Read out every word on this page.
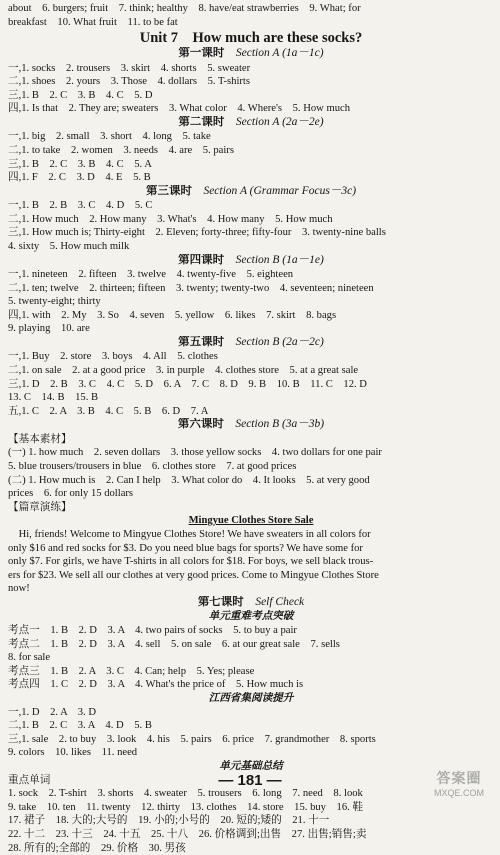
about　6. burgers; fruit　7. think; healthy　8. have/eat strawberries　9. What; for
breakfast　10. What fruit　11. to be fat
Unit 7　How much are these socks?
第一课时　 Section A (1a－1c)
一,1. socks　2. trousers　3. skirt　4. shorts　5. sweater
二,1. shoes　2. yours　3. Those　4. dollars　5. T-shirts
三,1. B　2. C　3. B　4. C　5. D
四,1. Is that　2. They are; sweaters　3. What color　4. Where's　5. How much
第二课时　 Section A (2a－2e)
一,1. big　2. small　3. short　4. long　5. take
二,1. to take　2. women　3. needs　4. are　5. pairs
三,1. B　2. C　3. B　4. C　5. A
四,1. F　2. C　3. D　4. E　5. B
第三课时　 Section A (Grammar Focus－3c)
一,1. B　2. B　3. C　4. D　5. C
二,1. How much　2. How many　3. What's　4. How many　5. How much
三,1. How much is; Thirty-eight　2. Eleven; forty-three; fifty-four　3. twenty-nine balls
4. sixty　5. How much milk
第四课时　 Section B (1a－1e)
一,1. nineteen　2. fifteen　3. twelve　4. twenty-five　5. eighteen
二,1. ten; twelve　2. thirteen; fifteen　3. twenty; twenty-two　4. seventeen; nineteen
5. twenty-eight; thirty
四,1. with　2. My　3. So　4. seven　5. yellow　6. likes　7. skirt　8. bags
9. playing　10. are
第五课时　 Section B (2a－2c)
一,1. Buy　2. store　3. boys　4. All　5. clothes
二,1. on sale　2. at a good price　3. in purple　4. clothes store　5. at a great sale
三,1. D　2. B　3. C　4. C　5. D　6. A　7. C　8. D　9. B　10. B　11. C　12. D
13. C　14. B　15. B
五,1. C　2. A　3. B　4. C　5. B　6. D　7. A
第六课时　 Section B (3a－3b)
【基本素材】
(一) 1. how much　2. seven dollars　3. those yellow socks　4. two dollars for one pair
5. blue trousers/trousers in blue　6. clothes store　7. at good prices
(二) 1. How much is　2. Can I help　3. What color do　4. It looks　5. at very good
prices　6. for only 15 dollars
【篇章演练】
Mingyue Clothes Store Sale
　Hi, friends! Welcome to Mingyue Clothes Store! We have sweaters in all colors for
only $16 and red socks for $3. Do you need blue bags for sports? We have some for
only $7. For girls, we have T-shirts in all colors for $18. For boys, we sell black trous-
ers for $23. We sell all our clothes at very good prices. Come to Mingyue Clothes Store
now!
第七课时　 Self Check
单元重难考点突破
考点一　1. B　2. D　3. A　4. two pairs of socks　5. to buy a pair
考点二　1. B　2. D　3. A　4. sell　5. on sale　6. at our great sale　7. sells
8. for sale
考点三　1. B　2. A　3. C　4. Can; help　5. Yes; please
考点四　1. C　2. D　3. A　4. What's the price of　5. How much is
江西省集阅读提升
一,1. D　2. A　3. D
二,1. B　2. C　3. A　4. D　5. B
三,1. sale　2. to buy　3. look　4. his　5. pairs　6. price　7. grandmother　8. sports
9. colors　10. likes　11. need
单元基础总结
重点单词
1. sock　2. T-shirt　3. shorts　4. sweater　5. trousers　6. long　7. need　8. look
9. take　10. ten　11. twenty　12. thirty　13. clothes　14. store　15. buy　16. 鞋
17. 裙子　18. 大的;大号的　19. 小的;小号的　20. 短的;矮的　21. 十一
22. 十二　23. 十三　24. 十五　25. 十八　26. 价格调到;出售　27. 出售;销售;卖
28. 所有的;全部的　29. 价格　30. 男孩
— 181 —	答案圈
MXQE.COM
